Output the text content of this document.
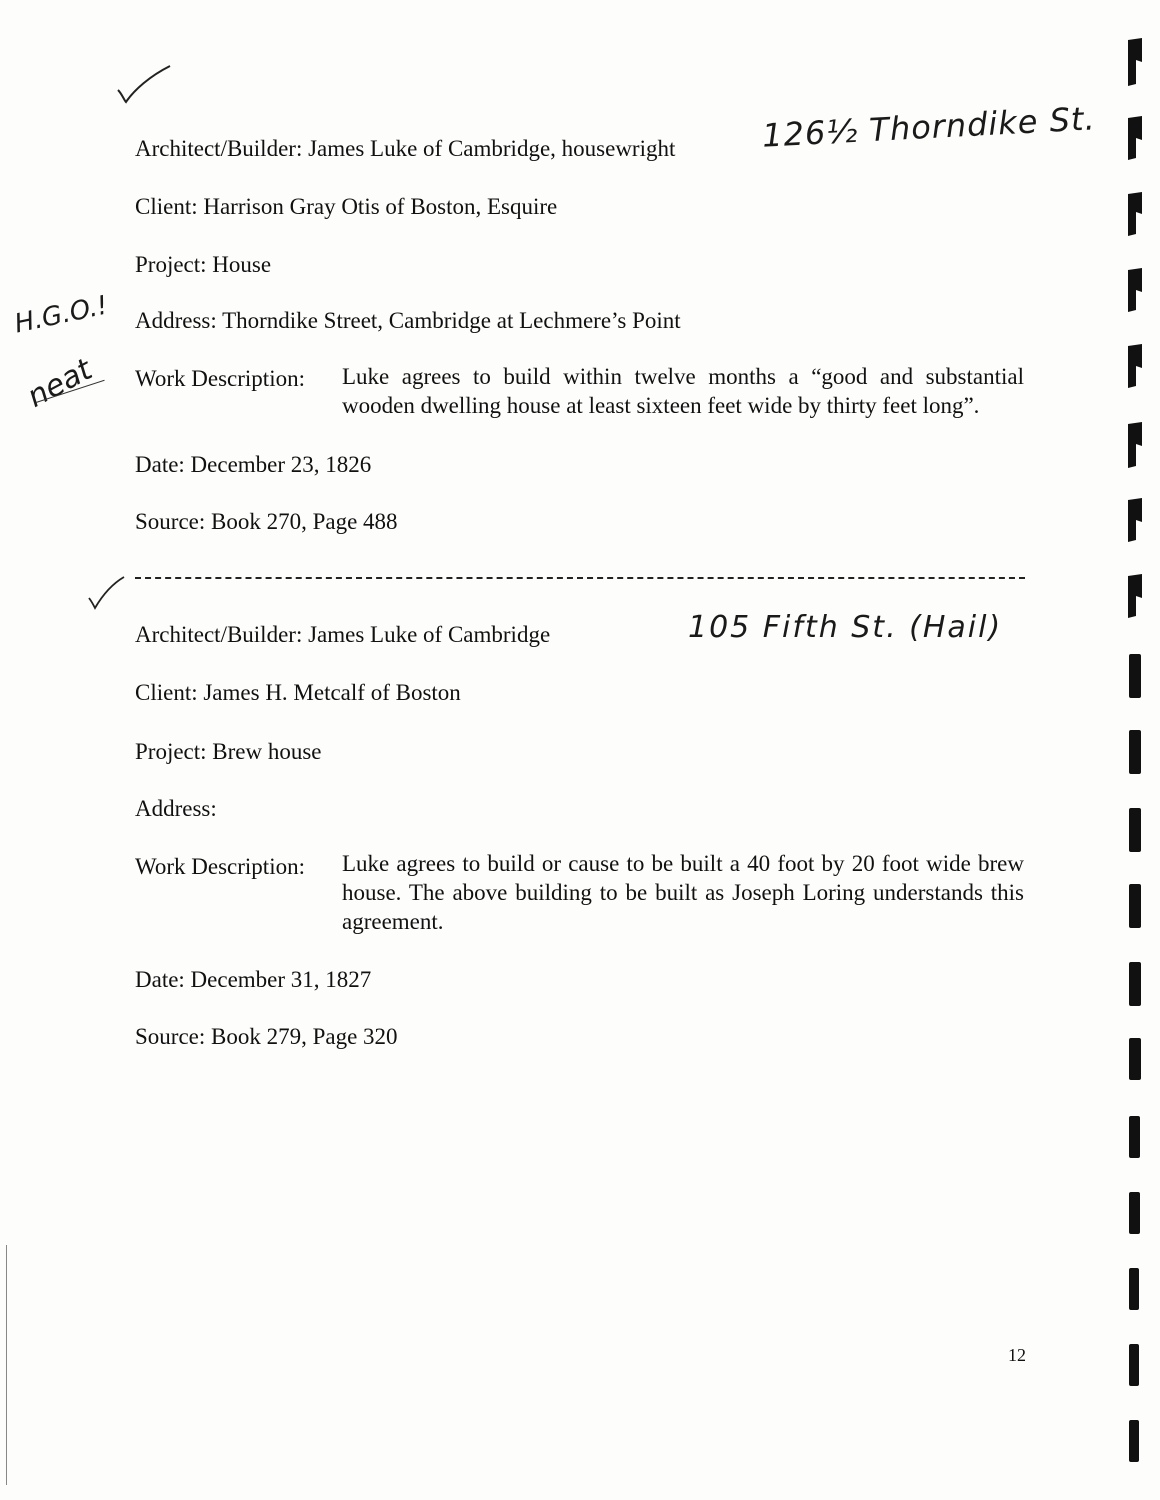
H.G.O.!
neat
126½ Thorndike St.
105 Fifth St. (Hail)
Architect/Builder: James Luke of Cambridge, housewright
Client: Harrison Gray Otis of Boston, Esquire
Project: House
Address: Thorndike Street, Cambridge at Lechmere’s Point
Work Description: Luke agrees to build within twelve months a “good and substantial
wooden dwelling house at least sixteen feet wide by thirty feet long”.
Date: December 23, 1826
Source: Book 270, Page 488
Architect/Builder: James Luke of Cambridge
Client: James H. Metcalf of Boston
Project: Brew house
Address:
Work Description: Luke agrees to build or cause to be built a 40 foot by 20 foot wide brew
house. The above building to be built as Joseph Loring understands this
agreement.
Date: December 31, 1827
Source: Book 279, Page 320
12
